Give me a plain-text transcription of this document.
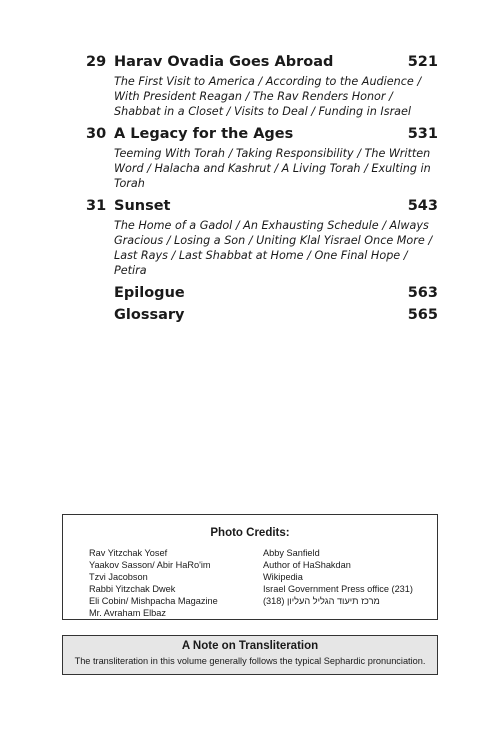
29 Harav Ovadia Goes Abroad	521
The First Visit to America / According to the Audience / With President Reagan / The Rav Renders Honor / Shabbat in a Closet / Visits to Deal / Funding in Israel
30 A Legacy for the Ages	531
Teeming With Torah / Taking Responsibility / The Written Word / Halacha and Kashrut / A Living Torah / Exulting in Torah
31 Sunset	543
The Home of a Gadol / An Exhausting Schedule / Always Gracious / Losing a Son / Uniting Klal Yisrael Once More / Last Rays / Last Shabbat at Home / One Final Hope / Petira
Epilogue	563
Glossary	565
Photo Credits:
Rav Yitzchak Yosef
Yaakov Sasson/ Abir HaRo'im
Tzvi Jacobson
Rabbi Yitzchak Dwek
Eli Cobin/ Mishpacha Magazine
Mr. Avraham Elbaz
Abby Sanfield
Author of HaShakdan
Wikipedia
Israel Government Press office (231)
(318) מרכז תיעוד הגליל העליון
A Note on Transliteration
The transliteration in this volume generally follows the typical Sephardic pronunciation.
